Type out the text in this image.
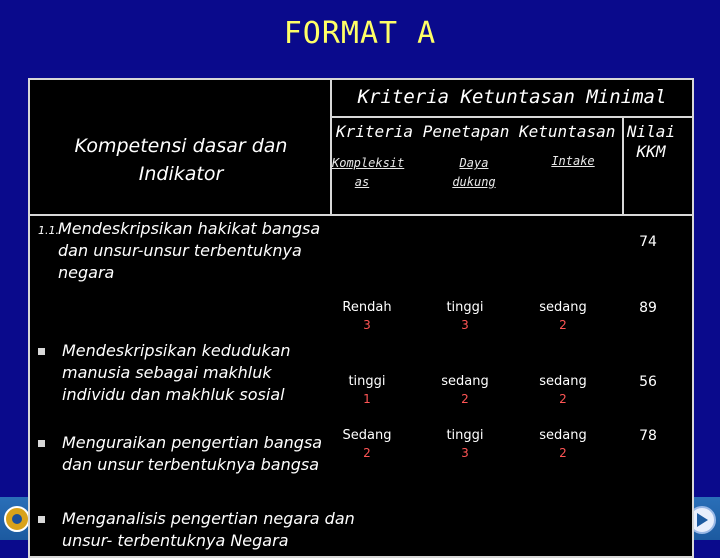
FORMAT A
Kriteria Ketuntasan Minimal
Kompetensi dasar dan Indikator
Kriteria Penetapan Ketuntasan Nilai KKM
Kompleksit as
Daya dukung
Intake
1.1. Mendeskripsikan hakikat bangsa dan unsur-unsur terbentuknya negara
74
Rendah
3
tinggi
3
sedang
2
89
Mendeskripsikan kedudukan manusia sebagai makhluk individu dan makhluk sosial
tinggi
1
sedang
2
sedang
2
56
Menguraikan pengertian bangsa dan unsur terbentuknya bangsa
Sedang
2
tinggi
3
sedang
2
78
Menganalisis pengertian negara dan unsur- terbentuknya Negara
